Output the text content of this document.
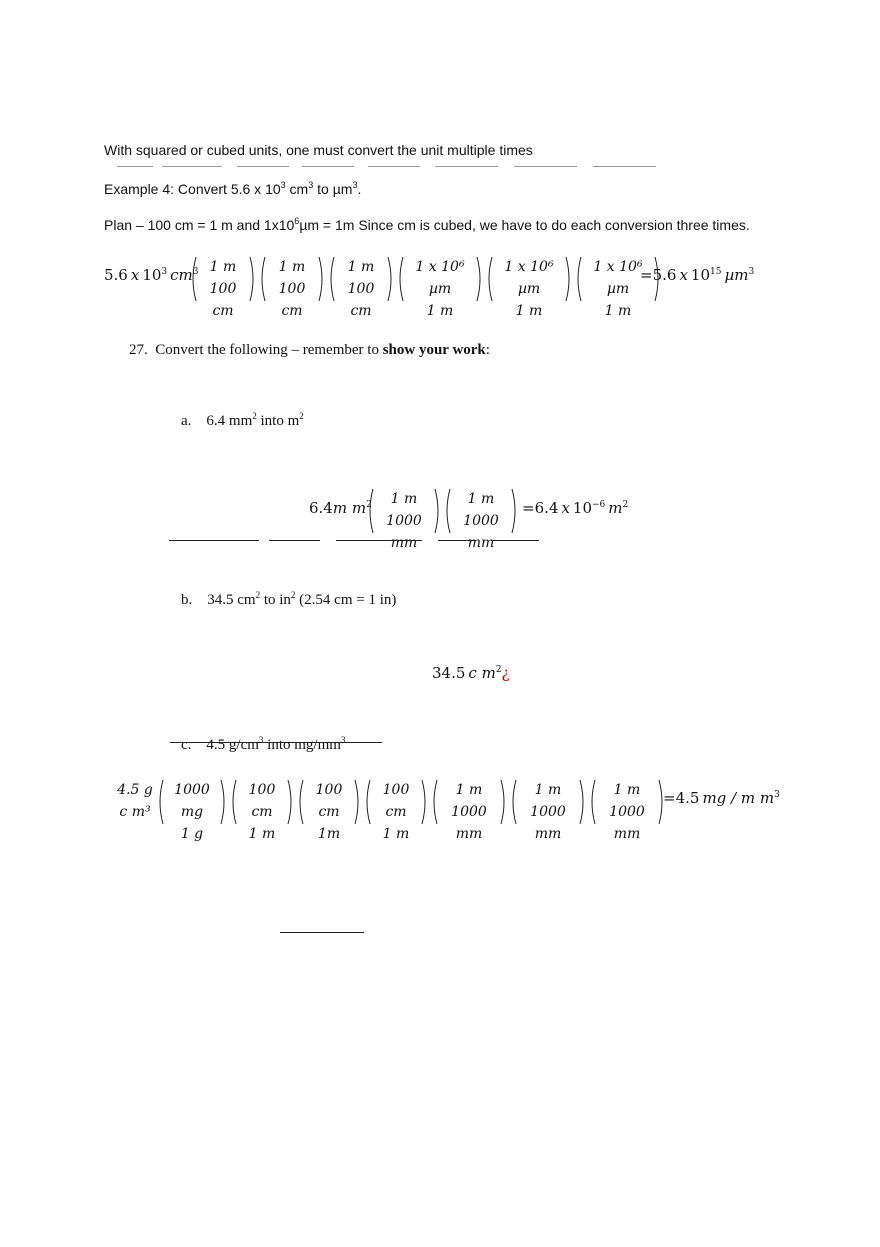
With squared or cubed units, one must convert the unit multiple times
Example 4: Convert 5.6 x $10^3$ $cm^3$ to µm$^3$.
Plan – 100 cm = 1 m and $1x10^6\mu m = 1m$ Since cm is cubed, we have to do each conversion three times.
5.6 x $10^3$ $cm^3$ 1 m
100 cm
1 m
100 cm
1 m
100 cm
1 x 10⁶ µm
1 m
1 x 10⁶ µm
1 m
1 x 10⁶ µm
1 m
=5.6 x $10^{15}$ µm$^3$
27. Convert the following – remember to show your work:
a. 6.4 $mm^2$ into $m^2$
6.4m $m^2$	1 m
1000 mm
1 m
1000 mm
=6.4 x $10^{-6}$ $m^2$
b. 34.5 $cm^2$ to $in^2$ (2.54 cm = 1 in)
34.5 c $m^2¿$
c. 4.5 $g/cm^3$ into $mg/mm^3$
4.5 g
c m³
1000 mg
1 g
100 cm
1 m
100 cm
1m
100 cm
1 m
1 m
1000 mm
1 m
1000 mm
1 m
1000 mm
=4.5 mg / m $m^3$
